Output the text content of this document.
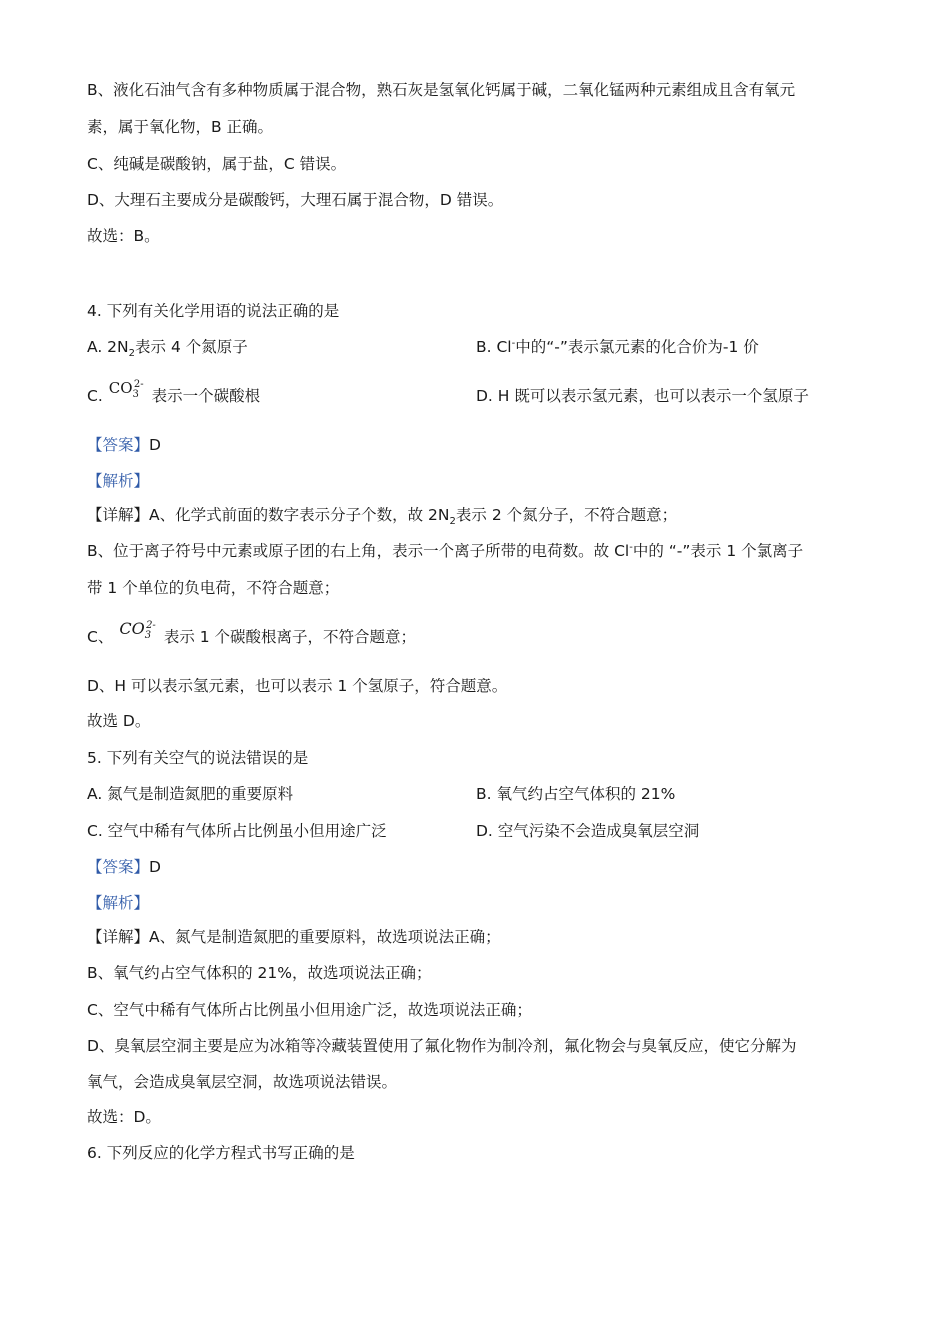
B、液化石油气含有多种物质属于混合物，熟石灰是氢氧化钙属于碱，二氧化锰两种元素组成且含有氧元
素，属于氧化物，B 正确。
C、纯碱是碳酸钠，属于盐，C 错误。
D、大理石主要成分是碳酸钙，大理石属于混合物，D 错误。
故选：B。
4. 下列有关化学用语的说法正确的是
A. $2N_2$表示 4 个氮原子	B. Cl-中的“-”表示氯元素的化合价为-1 价
C. $CO_3^{2-}$表示一个碳酸根	D. H 既可以表示氢元素，也可以表示一个氢原子
【答案】D
【解析】
【详解】A、化学式前面的数字表示分子个数，故 $2N_2$表示 2 个氮分子，不符合题意；
B、位于离子符号中元素或原子团的右上角，表示一个离子所带的电荷数。故 Cl-中的 “-”表示 1 个氯离子
带 1 个单位的负电荷，不符合题意；
C、 $CO_3^{2-}$表示 1 个碳酸根离子，不符合题意；
D、H 可以表示氢元素，也可以表示 1 个氢原子，符合题意。
故选 D。
5. 下列有关空气的说法错误的是
A. 氮气是制造氮肥的重要原料	B. 氧气约占空气体积的 21%
C. 空气中稀有气体所占比例虽小但用途广泛	D. 空气污染不会造成臭氧层空洞
【答案】D
【解析】
【详解】A、氮气是制造氮肥的重要原料，故选项说法正确；
B、氧气约占空气体积的 21%，故选项说法正确；
C、空气中稀有气体所占比例虽小但用途广泛，故选项说法正确；
D、臭氧层空洞主要是应为冰箱等冷藏装置使用了氟化物作为制冷剂，氟化物会与臭氧反应，使它分解为
氧气，会造成臭氧层空洞，故选项说法错误。
故选：D。
6. 下列反应的化学方程式书写正确的是
